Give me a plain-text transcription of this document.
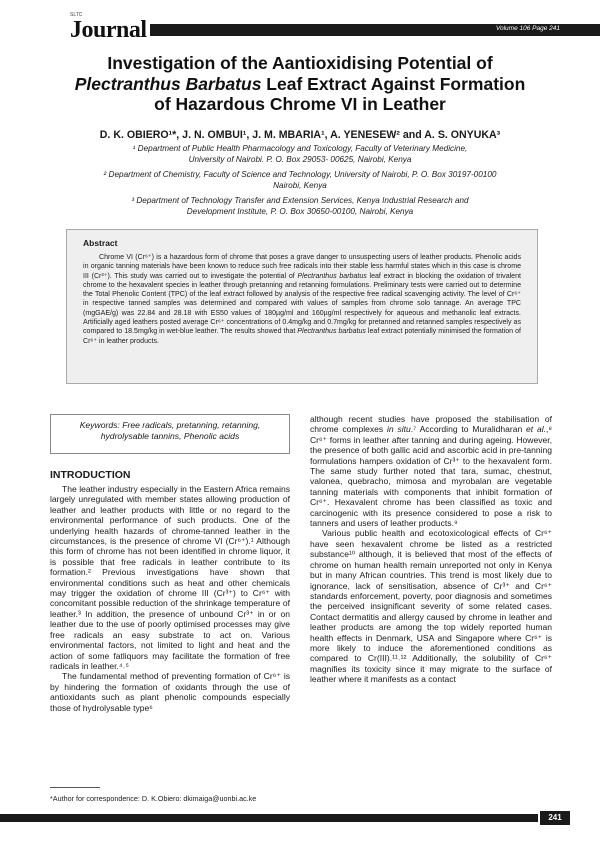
SLTC
Journal	Volume 106 Page 241
Investigation of the Aantioxidising Potential of
Plectranthus Barbatus Leaf Extract Against Formation
of Hazardous Chrome VI in Leather
D. K. OBIERO¹*, J. N. OMBUI¹, J. M. MBARIA¹, A. YENESEW² and A. S. ONYUKA³
¹ Department of Public Health Pharmacology and Toxicology, Faculty of Veterinary Medicine,
University of Nairobi. P. O. Box 29053- 00625, Nairobi, Kenya
² Department of Chemistry, Faculty of Science and Technology, University of Nairobi, P. O. Box 30197-00100
Nairobi, Kenya
³ Department of Technology Transfer and Extension Services, Kenya Industrial Research and
Development Institute, P. O. Box 30650-00100, Nairobi, Kenya
Abstract

Chrome VI (Cr⁶⁺) is a hazardous form of chrome that poses a grave danger to unsuspecting users of leather products. Phenolic acids in organic tanning materials have been known to reduce such free radicals into their stable less harmful states which in this case is chrome III (Cr³⁺). This study was carried out to investigate the potential of Plectranthus barbatus leaf extract in blocking the oxidation of trivalent chrome to the hexavalent species in leather through pretanning and retanning formulations. Preliminary tests were carried out to determine the Total Phenolic Content (TPC) of the leaf extract followed by analysis of the respective free radical scavenging activity. The level of Cr⁶⁺ in respective tanned samples was determined and compared with values of samples from chrome solo tannage. An average TPC (mgGAE/g) was 22.84 and 28.18 with ES50 values of 180µg/ml and 160µg/ml respectively for aqueous and methanolic leaf extracts. Artificially aged leathers posted average Cr⁶⁺ concentrations of 0.4mg/kg and 0.7mg/kg for pretanned and retanned samples respectively as compared to 18.5mg/kg in wet-blue leather. The results showed that Plectranthus barbatus leaf extract potentially minimised the formation of Cr⁶⁺ in leather products.

Keywords: Free radicals, pretanning, retanning, hydrolysable tannins, Phenolic acids
INTRODUCTION

The leather industry especially in the Eastern Africa remains largely unregulated with member states allowing production of leather and leather products with little or no regard to the environmental performance of such products. One of the underlying health hazards of chrome-tanned leather in the circumstances, is the presence of chrome VI (Cr⁶⁺).¹ Although this form of chrome has not been identified in chrome liquor, it is possible that free radicals in leather contribute to its formation.² Previous investigations have shown that environmental conditions such as heat and other chemicals may trigger the oxidation of chrome III (Cr³⁺) to Cr⁶⁺ with concomitant possible reduction of the shrinkage temperature of leather.³ In addition, the presence of unbound Cr³⁺ in or on leather due to the use of poorly optimised processes may give free radicals an easy substrate to act on. Various environmental factors, not limited to light and heat and the action of some fatliquors may facilitate the formation of free radicals in leather.⁴˒⁵

The fundamental method of preventing formation of Cr⁶⁺ is by hindering the formation of oxidants through the use of antioxidants such as plant phenolic compounds especially those of hydrolysable type⁶

although recent studies have proposed the stabilisation of chrome complexes in situ.⁷ According to Muralidharan et al.,⁸ Cr⁶⁺ forms in leather after tanning and during ageing. However, the presence of both gallic acid and ascorbic acid in pre-tanning formulations hampers oxidation of Cr³⁺ to the hexavalent form. The same study further noted that tara, sumac, chestnut, valonea, quebracho, mimosa and myrobalan are vegetable tanning materials with components that inhibit formation of Cr⁶⁺. Hexavalent chrome has been classified as toxic and carcinogenic with its presence considered to pose a risk to tanners and users of leather products.⁹

Various public health and ecotoxicological effects of Cr⁶⁺ have seen hexavalent chrome be listed as a restricted substance¹⁰ although, it is believed that most of the effects of chrome on human health remain unreported not only in Kenya but in many African countries. This trend is most likely due to ignorance, lack of sensitisation, absence of Cr³⁺ and Cr⁶⁺ standards enforcement, poverty, poor diagnosis and sometimes the perceived insignificant severity of some related cases. Contact dermatitis and allergy caused by chrome in leather and leather products are among the top widely reported human health effects in Denmark, USA and Singapore where Cr⁶⁺ is more likely to induce the aforementioned conditions as compared to Cr(III).¹¹˒¹² Additionally, the solubility of Cr⁶⁺ magnifies its toxicity since it may migrate to the surface of leather where it manifests as a contact

*Author for correspondence: D. K.Obiero: dkimaiga@uonbi.ac.ke
241
